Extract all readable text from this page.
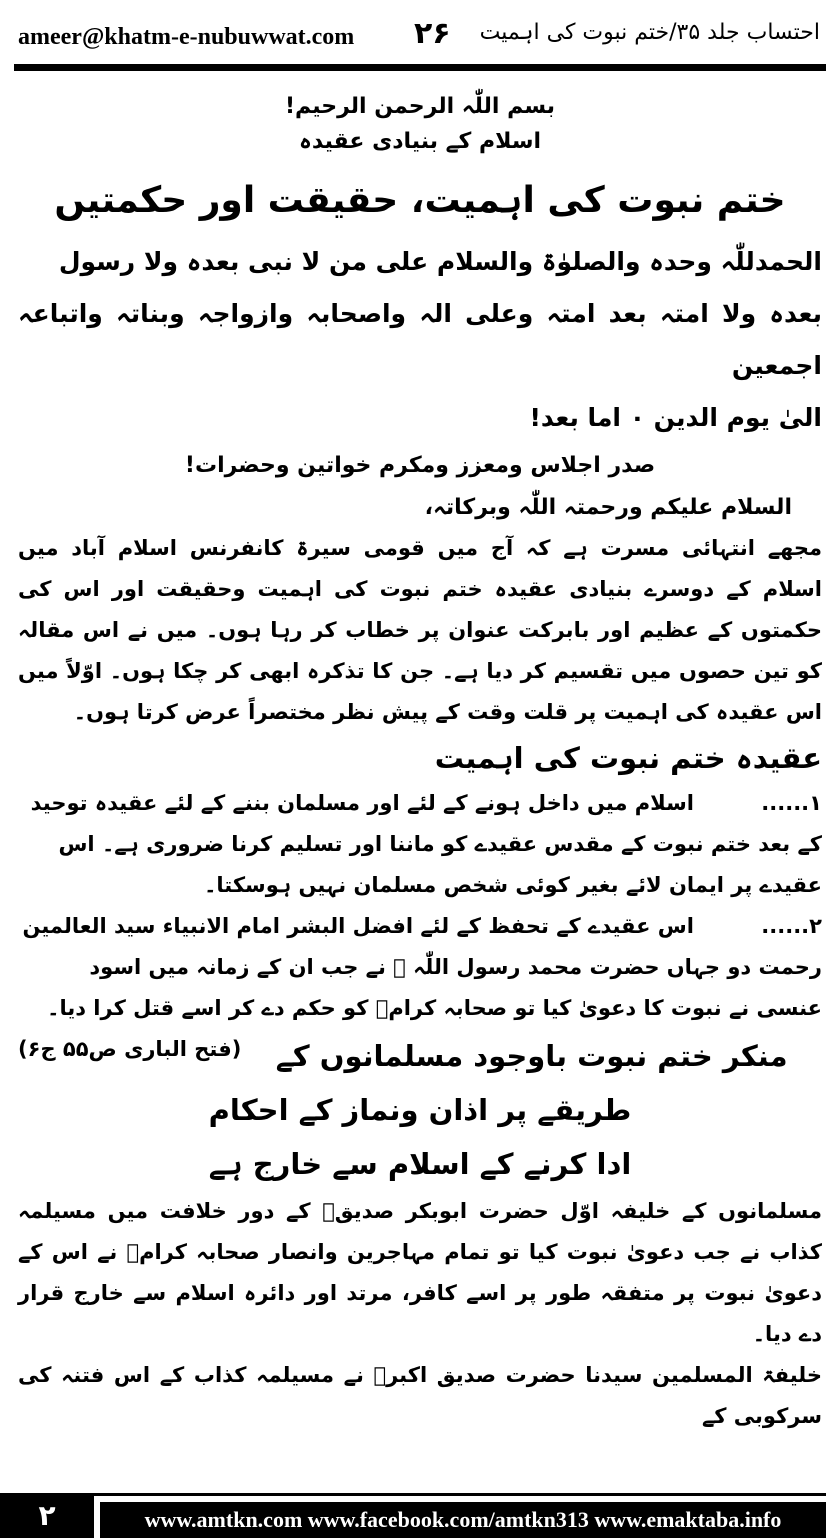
ameer@khatm-e-nubuwwat.com ۲۶ احتساب جلد ۳۵/ختم نبوت کی اہمیت
بسم اللّٰہ الرحمن الرحیم!
اسلام کے بنیادی عقیدہ
ختم نبوت کی اہمیت، حقیقت اور حکمتیں
الحمدللّٰہ وحدہ والصلوٰۃ والسلام علی من لا نبی بعدہ ولا رسول
بعدہ ولا امتہ بعد امتہ وعلی الہ واصحابہ وازواجہ وبناتہ واتباعہ اجمعین
الیٰ یوم الدین ۰ اما بعد!
صدر اجلاس ومعزز ومکرم خواتین وحضرات!
السلام علیکم ورحمتہ اللّٰہ وبرکاتہ،
مجھے انتہائی مسرت ہے کہ آج میں قومی سیرۃ کانفرنس اسلام آباد میں اسلام کے دوسرے بنیادی عقیدہ ختم نبوت کی اہمیت وحقیقت اور اس کی حکمتوں کے عظیم اور بابرکت عنوان پر خطاب کر رہا ہوں۔ میں نے اس مقالہ کو تین حصوں میں تقسیم کر دیا ہے۔ جن کا تذکرہ ابھی کر چکا ہوں۔ اوّلاً میں اس عقیدہ کی اہمیت پر قلت وقت کے پیش نظر مختصراً عرض کرتا ہوں۔
عقیدہ ختم نبوت کی اہمیت
۱...... اسلام میں داخل ہونے کے لئے اور مسلمان بننے کے لئے عقیدہ توحید کے بعد ختم نبوت کے مقدس عقیدے کو ماننا اور تسلیم کرنا ضروری ہے۔ اس عقیدے پر ایمان لائے بغیر کوئی شخص مسلمان نہیں ہوسکتا۔
۲...... اس عقیدے کے تحفظ کے لئے افضل البشر امام الانبیاء سید العالمین رحمت دو جہاں حضرت محمد رسول اللّٰہ ﷺ نے جب ان کے زمانہ میں اسود عنسی نے نبوت کا دعویٰ کیا تو صحابہ کرامؓ کو حکم دے کر اسے قتل کرا دیا۔
(فتح الباری ص۵۵ ج۶)	منکر ختم نبوت باوجود مسلمانوں کے طریقے پر اذان ونماز کے احکام
ادا کرنے کے اسلام سے خارج ہے
مسلمانوں کے خلیفہ اوّل حضرت ابوبکر صدیقؓ کے دور خلافت میں مسیلمہ کذاب نے جب دعویٰ نبوت کیا تو تمام مہاجرین وانصار صحابہ کرامؓ نے اس کے دعویٰ نبوت پر متفقہ طور پر اسے کافر، مرتد اور دائرہ اسلام سے خارج قرار دے دیا۔
خلیفۃ المسلمین سیدنا حضرت صدیق اکبرؓ نے مسیلمہ کذاب کے اس فتنہ کی سرکوبی کے
۲	www.amtkn.com www.facebook.com/amtkn313 www.emaktaba.info
